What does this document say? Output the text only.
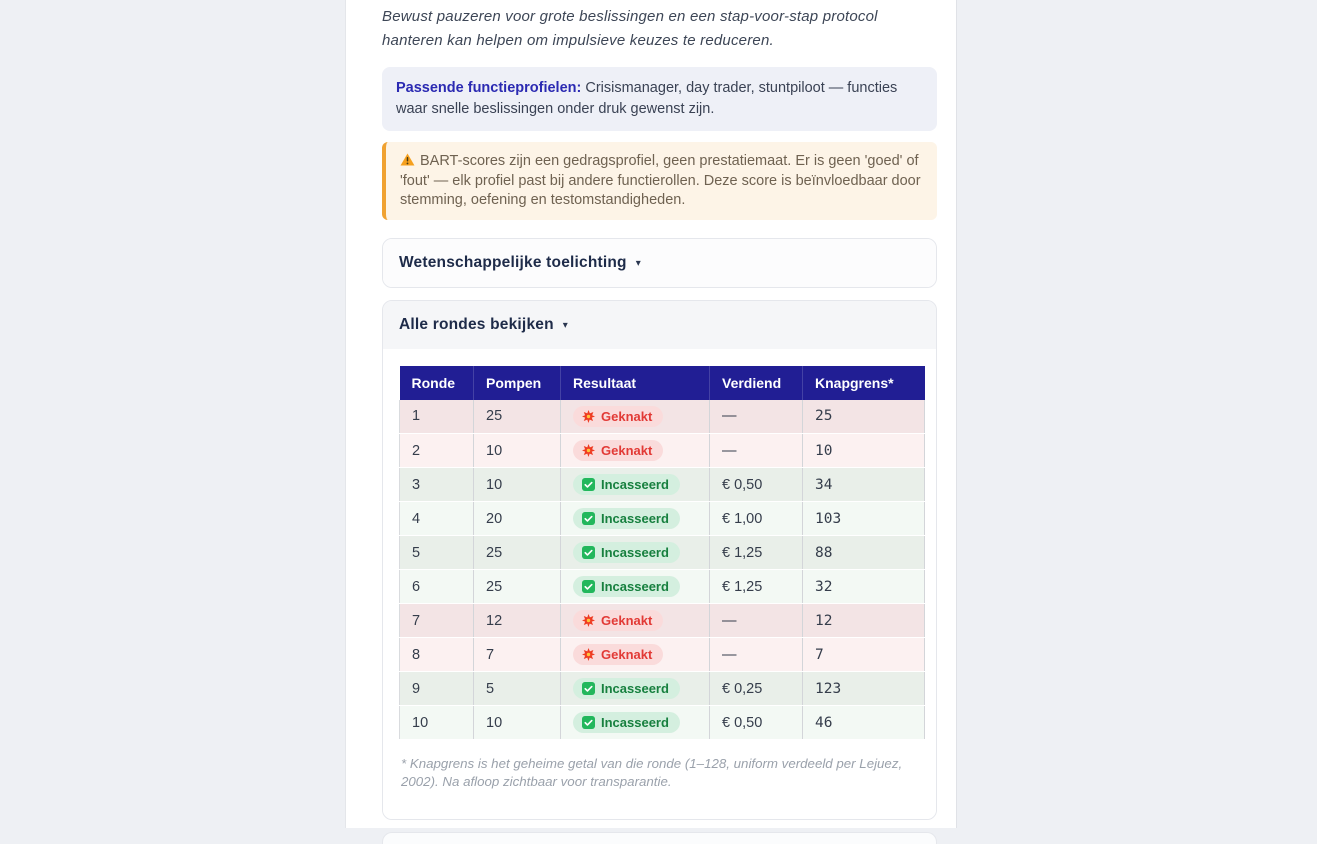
Bewust pauzeren voor grote beslissingen en een stap-voor-stap protocol hanteren kan helpen om impulsieve keuzes te reduceren.

Passende functieprofielen: Crisismanager, day trader, stuntpiloot — functies waar snelle beslissingen onder druk gewenst zijn.
BART-scores zijn een gedragsprofiel, geen prestatiemaat. Er is geen 'goed' of 'fout' — elk profiel past bij andere functierollen. Deze score is beïnvloedbaar door stemming, oefening en testomstandigheden.
Wetenschappelijke toelichting ▾
Alle rondes bekijken ▾
Ronde	Pompen	Resultaat	Verdiend	Knapgrens*
1	25	Geknakt	—	25
2	10	Geknakt	—	10
3	10	Incasseerd	€ 0,50	34
4	20	Incasseerd	€ 1,00	103
5	25	Incasseerd	€ 1,25	88
6	25	Incasseerd	€ 1,25	32
7	12	Geknakt	—	12
8	7	Geknakt	—	7
9	5	Incasseerd	€ 0,25	123
10	10	Incasseerd	€ 0,50	46

* Knapgrens is het geheime getal van die ronde (1–128, uniform verdeeld per Lejuez, 2002). Na afloop zichtbaar voor transparantie.
